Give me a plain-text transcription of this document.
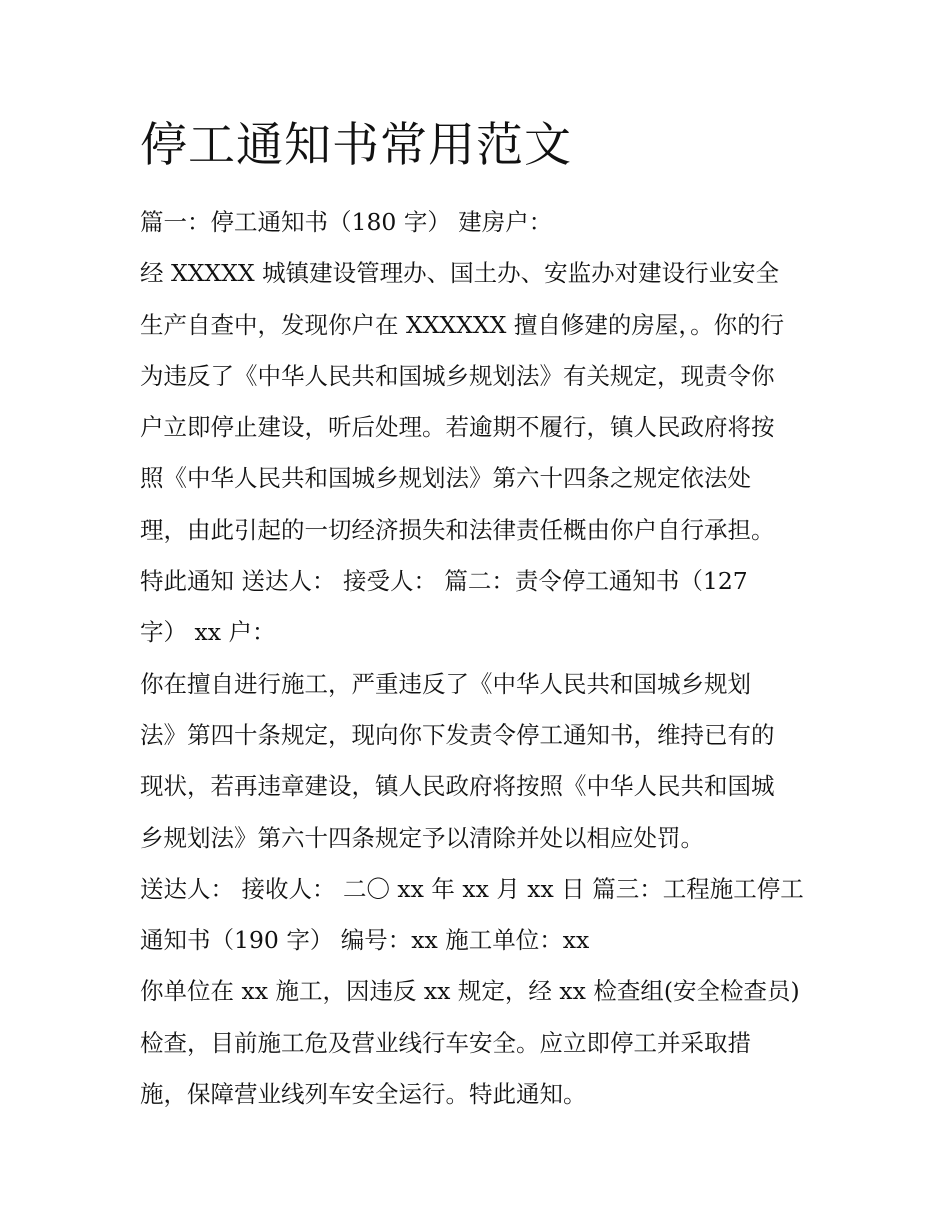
停工通知书常用范文
篇一：停工通知书（180 字） 建房户：
经 XXXXX 城镇建设管理办、国土办、安监办对建设行业安全
生产自查中，发现你户在 XXXXXX 擅自修建的房屋，。你的行
为违反了《中华人民共和国城乡规划法》有关规定，现责令你
户立即停止建设，听后处理。若逾期不履行，镇人民政府将按
照《中华人民共和国城乡规划法》第六十四条之规定依法处
理，由此引起的一切经济损失和法律责任概由你户自行承担。
特此通知 送达人： 接受人： 篇二：责令停工通知书（127
字） xx 户：
你在擅自进行施工，严重违反了《中华人民共和国城乡规划
法》第四十条规定，现向你下发责令停工通知书，维持已有的
现状，若再违章建设，镇人民政府将按照《中华人民共和国城
乡规划法》第六十四条规定予以清除并处以相应处罚。
送达人： 接收人： 二〇 xx 年 xx 月 xx 日 篇三：工程施工停工
通知书（190 字） 编号：xx 施工单位：xx
你单位在 xx 施工，因违反 xx 规定，经 xx 检查组(安全检查员)
检查，目前施工危及营业线行车安全。应立即停工并采取措
施，保障营业线列车安全运行。特此通知。
